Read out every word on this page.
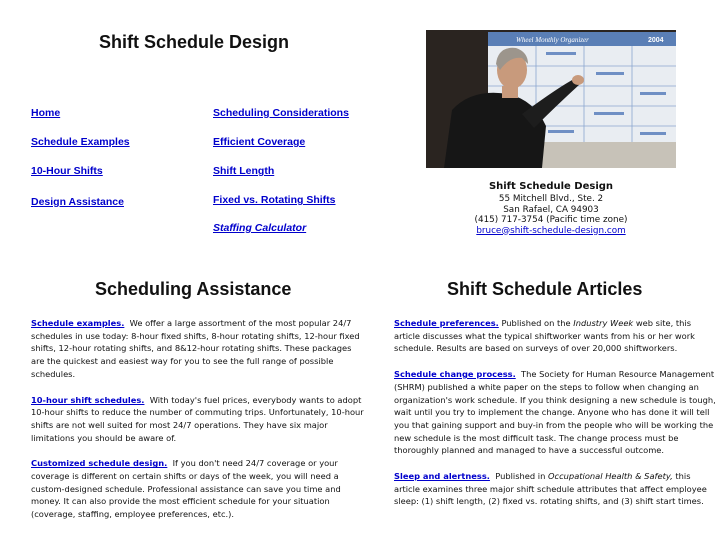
Shift Schedule Design
Home
Schedule Examples
10-Hour Shifts
Design Assistance
Scheduling Considerations
Efficient Coverage
Shift Length
Fixed vs. Rotating Shifts
Staffing Calculator
Wheel Monthly Organizer	2004
Shift Schedule Design
55 Mitchell Blvd., Ste. 2
San Rafael, CA 94903
(415) 717-3754 (Pacific time zone)
bruce@shift-schedule-design.com
Scheduling Assistance	Shift Schedule Articles

Schedule examples. We offer a large assortment of the most popular 24/7 schedules in use today: 8-hour fixed shifts, 8-hour rotating shifts, 12-hour fixed shifts, 12-hour rotating shifts, and 8&12-hour rotating shifts. These packages are the quickest and easiest way for you to see the full range of possible schedules.

10-hour shift schedules. With today's fuel prices, everybody wants to adopt 10-hour shifts to reduce the number of commuting trips. Unfortunately, 10-hour shifts are not well suited for most 24/7 operations. They have six major limitations you should be aware of.

Customized schedule design. If you don't need 24/7 coverage or your coverage is different on certain shifts or days of the week, you will need a custom-designed schedule. Professional assistance can save you time and money. It can also provide the most efficient schedule for your situation (coverage, staffing, employee preferences, etc.).

Schedule preferences. Published on the Industry Week web site, this article discusses what the typical shiftworker wants from his or her work schedule. Results are based on surveys of over 20,000 shiftworkers.

Schedule change process. The Society for Human Resource Management (SHRM) published a white paper on the steps to follow when changing an organization's work schedule. If you think designing a new schedule is tough, wait until you try to implement the change. Anyone who has done it will tell you that gaining support and buy-in from the people who will be working the new schedule is the most difficult task. The change process must be thoroughly planned and managed to have a successful outcome.

Sleep and alertness. Published in Occupational Health & Safety, this article examines three major shift schedule attributes that affect employee sleep: (1) shift length, (2) fixed vs. rotating shifts, and (3) shift start times.
